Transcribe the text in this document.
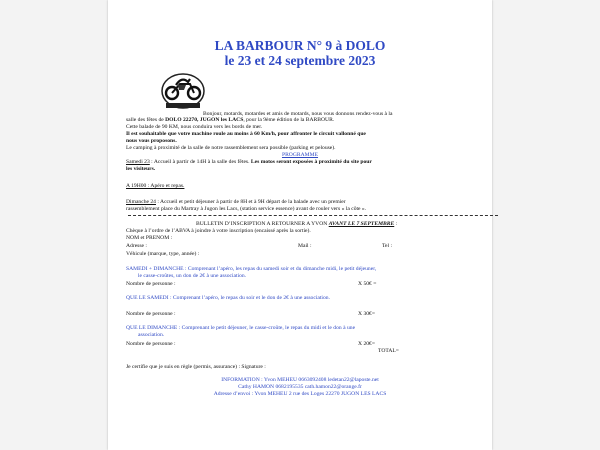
LA BARBOUR N° 9 à DOLO
le 23 et 24 septembre 2023
Bonjour, motards, motardes et amis de motards, nous vous donnons rendez-vous à la
salle des fêtes de DOLO 22270, JUGON les LACS, pour la 9ème édition de la BARBOUR.
Cette balade de 90 KM, nous conduira vers les bords de mer.
Il est souhaitable que votre machine roule au moins à 60 Km/h, pour affronter le circuit vallonné que
nous vous proposons.
Le camping à proximité de la salle de notre rassemblement sera possible (parking et pelouse).
PROGRAMME
Samedi 23 : Accueil à partir de 14H à la salle des fêtes. Les motos seront exposées à proximité du site pour
les visiteurs.
A 19H00 : Apéro et repas.
Dimanche 24 : Accueil et petit déjeuner à partir de 8H et à 9H départ de la balade avec un premier
rassemblement place du Martray à Jugon les Lacs, (station service essence) avant de rouler vers « la côte ».
BULLETIN D’INSCRIPTION A RETOURNER A YVON AVANT LE 7 SEPTEMBRE :
Chèque à l’ordre de l’ABVA à joindre à votre inscription (encaissé après la sortie).
NOM et PRENOM :
Adresse :	Mail :	Tel :
Véhicule (marque, type, année) :
SAMEDI + DIMANCHE : Comprenant l’apéro, les repas du samedi soir et du dimanche midi, le petit déjeuner,
le casse-croûtes, un don de 2€ à une association.
Nombre de personne :	X 50€ =
QUE LE SAMEDI : Comprenant l’apéro, le repas du soir et le don de 2€ à une association.
Nombre de personne :	X 30€=
QUE LE DIMANCHE : Comprenant le petit déjeuner, le casse-croûte, le repas du midi et le don à une
association.
Nombre de personne :	X 20€=
TOTAL=
Je certifie que je suis en règle (permis, assurance) : Signature :
INFORMATION : Yvon MEHEU 0663092408 ledetan22@laposte.net
Cathy HAMON 0682195535 cath.hamon22@orange.fr
Adresse d’envoi : Yvon MEHEU 2 rue des Loges 22270 JUGON LES LACS
